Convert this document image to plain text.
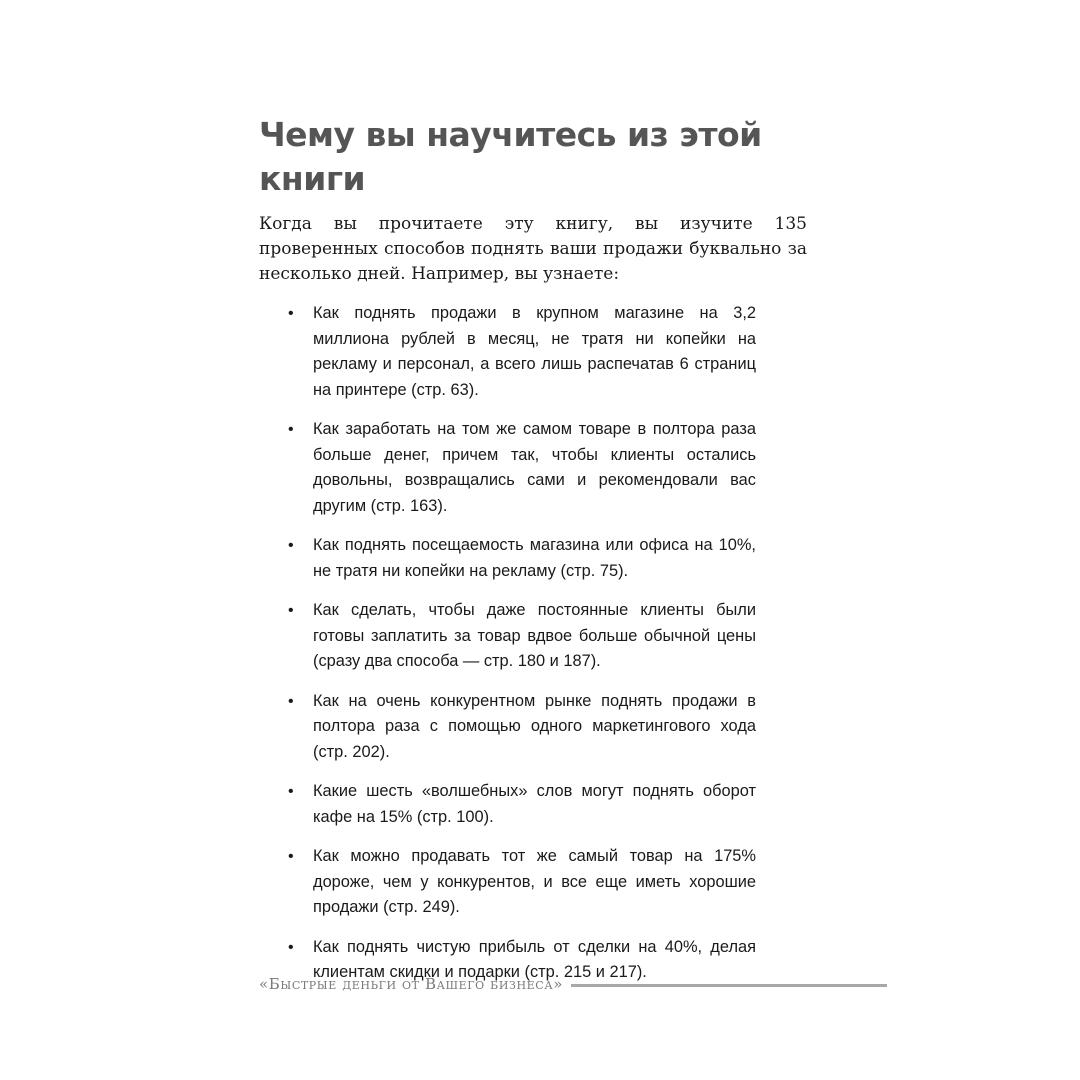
Чему вы научитесь из этой книги

Когда вы прочитаете эту книгу, вы изучите 135 проверенных способов поднять ваши продажи буквально за несколько дней. Например, вы узнаете:

• Как поднять продажи в крупном магазине на 3,2 миллиона рублей в месяц, не тратя ни копейки на рекламу и персонал, а всего лишь распечатав 6 страниц на принтере (стр. 63).
• Как заработать на том же самом товаре в полтора раза больше денег, причем так, чтобы клиенты остались довольны, возвращались сами и рекомендовали вас другим (стр. 163).
• Как поднять посещаемость магазина или офиса на 10%, не тратя ни копейки на рекламу (стр. 75).
• Как сделать, чтобы даже постоянные клиенты были готовы заплатить за товар вдвое больше обычной цены (сразу два способа — стр. 180 и 187).
• Как на очень конкурентном рынке поднять продажи в полтора раза с помощью одного маркетингового хода (стр. 202).
• Какие шесть «волшебных» слов могут поднять оборот кафе на 15% (стр. 100).
• Как можно продавать тот же самый товар на 175% дороже, чем у конкурентов, и все еще иметь хорошие продажи (стр. 249).
• Как поднять чистую прибыль от сделки на 40%, делая клиентам скидки и подарки (стр. 215 и 217).
«Быстрые деньги от Вашего бизнеса»
